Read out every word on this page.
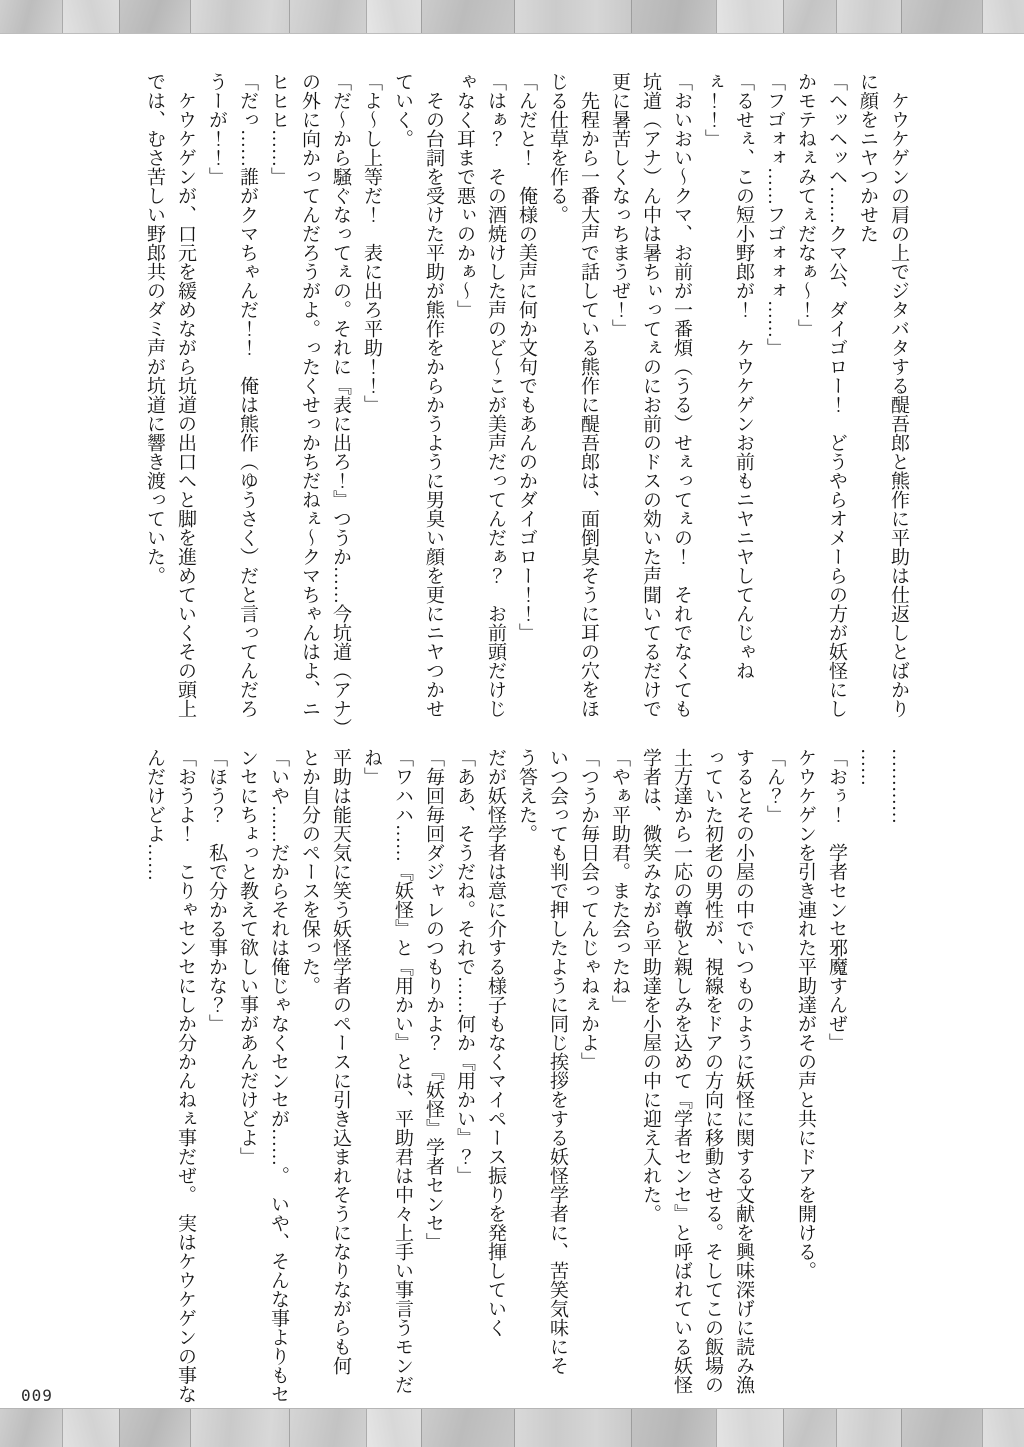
　ケウケゲンの肩の上でジタバタする醍吾郎と熊作に平助は仕返しとばかり

に顔をニヤつかせた

「ヘッヘッヘ……クマ公、ダイゴロー！　どうやらオメーらの方が妖怪にし

かモテねぇみてぇだなぁ～！」

「フゴォォ……フゴォォォ……」

「るせぇ、この短小野郎が！　ケウケゲンお前もニヤニヤしてんじゃね

ぇ！！」

「おいおい～クマ、お前が一番煩（うる）せぇってぇの！　それでなくても

坑道（アナ）ん中は暑ちぃってぇのにお前のドスの効いた声聞いてるだけで

更に暑苦しくなっちまうぜ！」

　先程から一番大声で話している熊作に醍吾郎は、面倒臭そうに耳の穴をほ

じる仕草を作る。

「んだと！　俺様の美声に何か文句でもあんのかダイゴロー！！」

「はぁ？　その酒焼けした声のど～こが美声だってんだぁ？　お前頭だけじ

ゃなく耳まで悪ぃのかぁ～」

　その台詞を受けた平助が熊作をからかうように男臭い顔を更にニヤつかせ

ていく。

「よ～し上等だ！　表に出ろ平助！！」

「だ～から騒ぐなってぇの。それに『表に出ろ！』つうか……今坑道（アナ）

の外に向かってんだろうがよ。ったくせっかちだねぇ～クマちゃんはよ、ニ

ヒヒヒ……」

「だっ……誰がクマちゃんだ！！　俺は熊作（ゆうさく）だと言ってんだろ

うーが！！」

　ケウケゲンが、口元を緩めながら坑道の出口へと脚を進めていくその頭上

では、むさ苦しい野郎共のダミ声が坑道に響き渡っていた。

…………

……

「おぅ！　学者センセ邪魔すんぜ」

ケウケゲンを引き連れた平助達がその声と共にドアを開ける。

「ん？」

するとその小屋の中でいつものように妖怪に関する文献を興味深げに読み漁

っていた初老の男性が、視線をドアの方向に移動させる。そしてこの飯場の

土方達から一応の尊敬と親しみを込めて『学者センセ』と呼ばれている妖怪

学者は、微笑みながら平助達を小屋の中に迎え入れた。

「やぁ平助君。また会ったね」

「つうか毎日会ってんじゃねぇかよ」

いつ会っても判で押したように同じ挨拶をする妖怪学者に、苦笑気味にそ

う答えた。

だが妖怪学者は意に介する様子もなくマイペース振りを発揮していく

「ああ、そうだね。それで……何か『用かい』？」

「毎回毎回ダジャレのつもりかよ？　『妖怪』学者センセ」

「ワハハ……『妖怪』と『用かい』とは、平助君は中々上手い事言うモンだ

ね」

平助は能天気に笑う妖怪学者のペースに引き込まれそうになりながらも何

とか自分のペースを保った。

「いや……だからそれは俺じゃなくセンセが……。　いや、そんな事よりもセ

ンセにちょっと教えて欲しい事があんだけどよ」

「ほう？　私で分かる事かな？」

「おうよ！　こりゃセンセにしか分かんねぇ事だぜ。　実はケウケゲンの事な

んだけどよ……

009
